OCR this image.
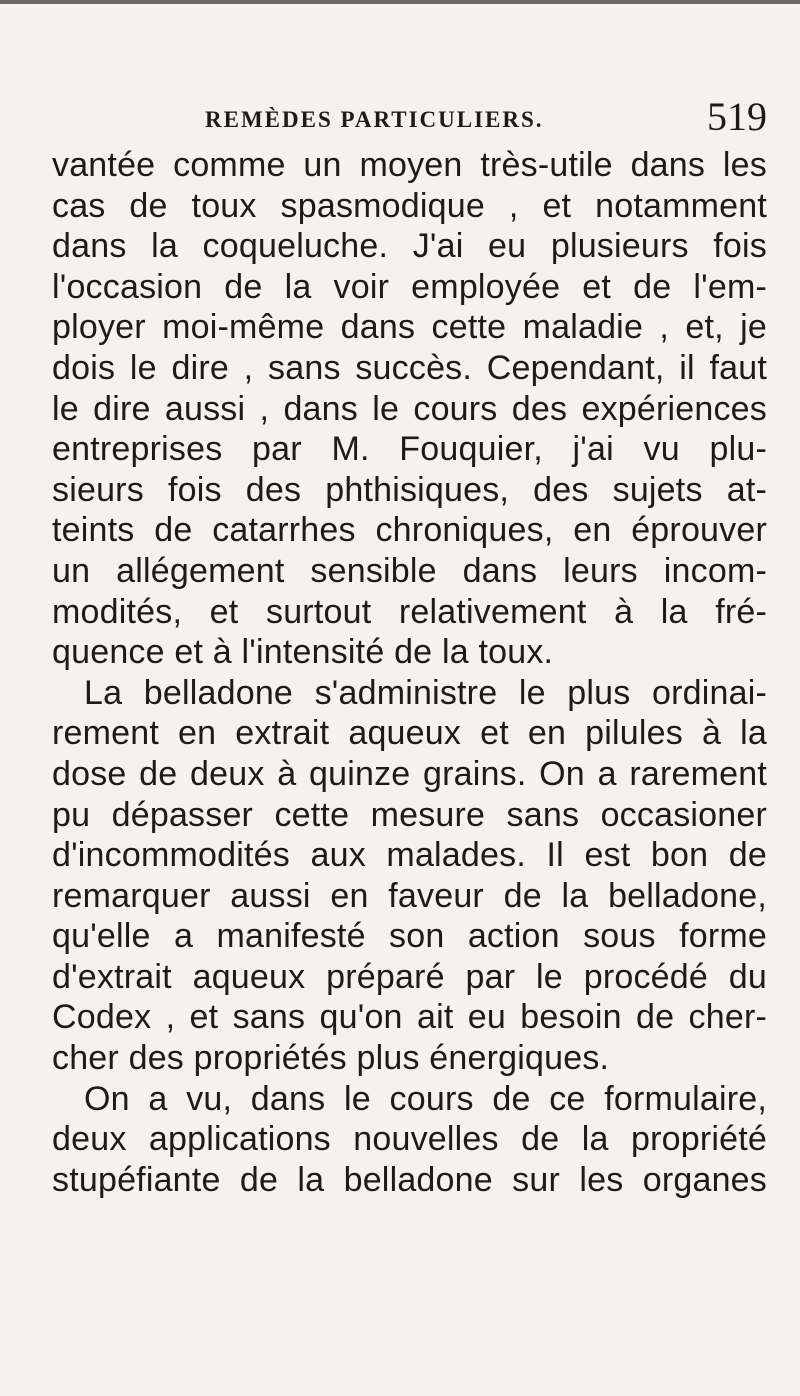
REMÈDES PARTICULIERS.	519
vantée comme un moyen très-utile dans les
cas de toux spasmodique , et notamment
dans la coqueluche. J'ai eu plusieurs fois
l'occasion de la voir employée et de l'em-
ployer moi-même dans cette maladie , et, je
dois le dire , sans succès. Cependant, il faut
le dire aussi , dans le cours des expériences
entreprises par M. Fouquier, j'ai vu plu-
sieurs fois des phthisiques, des sujets at-
teints de catarrhes chroniques, en éprouver
un allégement sensible dans leurs incom-
modités, et surtout relativement à la fré-
quence et à l'intensité de la toux.
La belladone s'administre le plus ordinai-
rement en extrait aqueux et en pilules à la
dose de deux à quinze grains. On a rarement
pu dépasser cette mesure sans occasioner
d'incommodités aux malades. Il est bon de
remarquer aussi en faveur de la belladone,
qu'elle a manifesté son action sous forme
d'extrait aqueux préparé par le procédé du
Codex , et sans qu'on ait eu besoin de cher-
cher des propriétés plus énergiques.
On a vu, dans le cours de ce formulaire,
deux applications nouvelles de la propriété
stupéfiante de la belladone sur les organes
